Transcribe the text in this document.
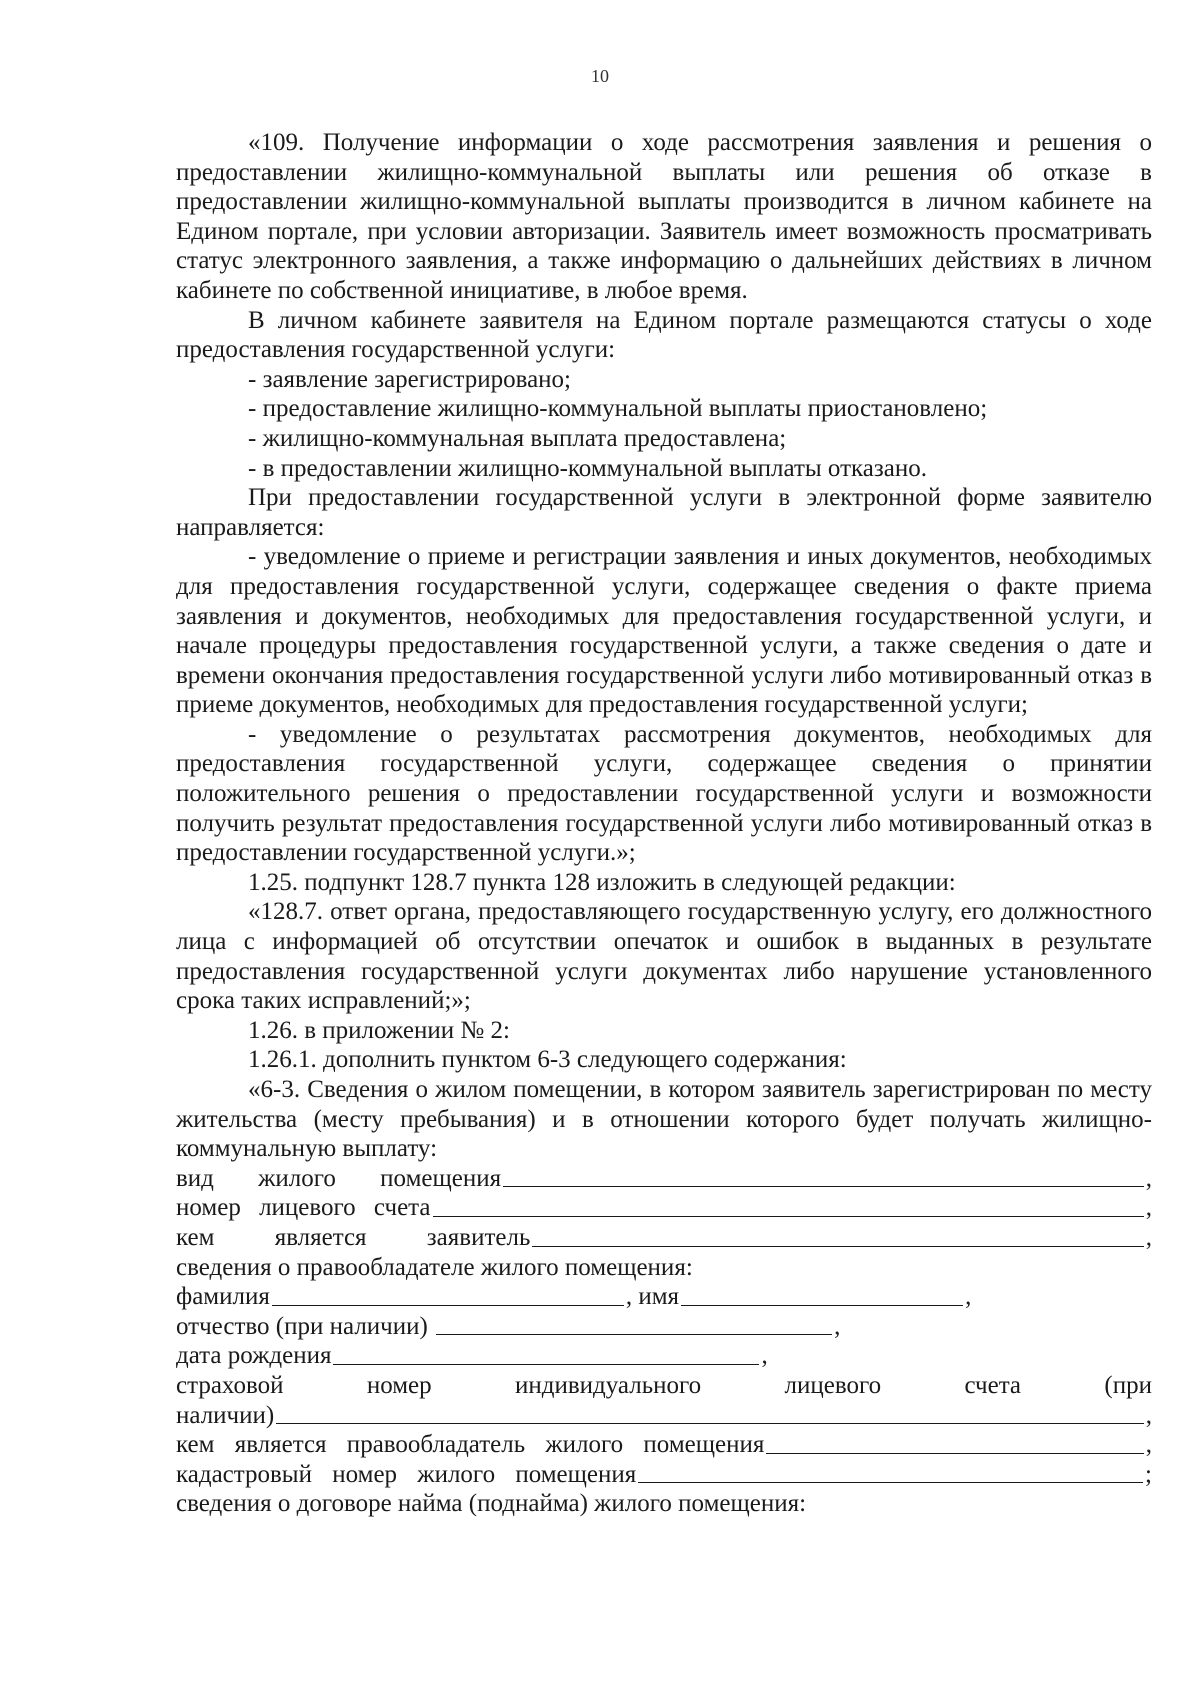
10

«109. Получение информации о ходе рассмотрения заявления и решения о предоставлении жилищно-коммунальной выплаты или решения об отказе в предоставлении жилищно-коммунальной выплаты производится в личном кабинете на Едином портале, при условии авторизации. Заявитель имеет возможность просматривать статус электронного заявления, а также информацию о дальнейших действиях в личном кабинете по собственной инициативе, в любое время.

В личном кабинете заявителя на Едином портале размещаются статусы о ходе предоставления государственной услуги:

- заявление зарегистрировано;

- предоставление жилищно-коммунальной выплаты приостановлено;

- жилищно-коммунальная выплата предоставлена;

- в предоставлении жилищно-коммунальной выплаты отказано.

При предоставлении государственной услуги в электронной форме заявителю направляется:

- уведомление о приеме и регистрации заявления и иных документов, необходимых для предоставления государственной услуги, содержащее сведения о факте приема заявления и документов, необходимых для предоставления государственной услуги, и начале процедуры предоставления государственной услуги, а также сведения о дате и времени окончания предоставления государственной услуги либо мотивированный отказ в приеме документов, необходимых для предоставления государственной услуги;

- уведомление о результатах рассмотрения документов, необходимых для предоставления государственной услуги, содержащее сведения о принятии положительного решения о предоставлении государственной услуги и возможности получить результат предоставления государственной услуги либо мотивированный отказ в предоставлении государственной услуги.»;

1.25. подпункт 128.7 пункта 128 изложить в следующей редакции:

«128.7. ответ органа, предоставляющего государственную услугу, его должностного лица с информацией об отсутствии опечаток и ошибок в выданных в результате предоставления государственной услуги документах либо нарушение установленного срока таких исправлений;»;

1.26. в приложении № 2:

1.26.1. дополнить пунктом 6-3 следующего содержания:

«6-3. Сведения о жилом помещении, в котором заявитель зарегистрирован по месту жительства (месту пребывания) и в отношении которого будет получать жилищно-коммунальную выплату:

вид жилого помещения	,
номер лицевого счета	,
кем является заявитель	,

сведения о правообладателе жилого помещения:

фамилия	, имя	,
отчество (при наличии)	,
дата рождения	,
страховой	номер	индивидуального	лицевого	счета	(при
наличии)	,
кем является правообладатель жилого помещения	,
кадастровый номер жилого помещения	;

сведения о договоре найма (поднайма) жилого помещения:
